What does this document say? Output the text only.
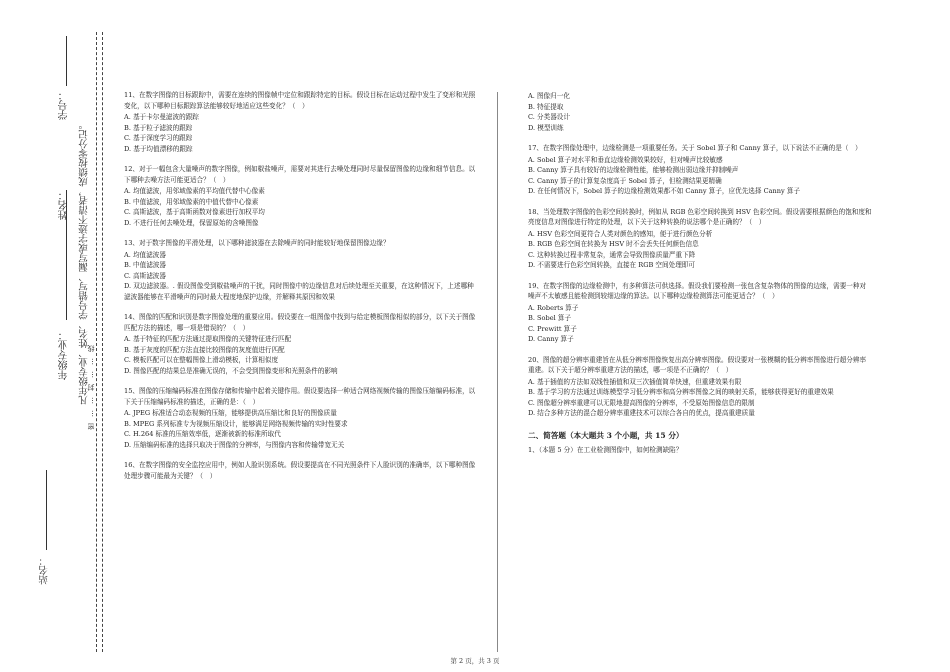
站名：
年级专业：
姓名：
学号：
凡年级专业、姓名、学号错写、漏写或字迹不清者，成绩按零分记。
密……封……线

11、在数字图像的目标跟踪中，需要在连续的图像帧中定位和跟踪特定的目标。假设目标在运动过程中发生了变形和光照变化，以下哪种目标跟踪算法能够较好地适应这些变化？（　）

A. 基于卡尔曼滤波的跟踪

B. 基于粒子滤波的跟踪

C. 基于深度学习的跟踪

D. 基于均值漂移的跟踪

12、对于一幅包含大量噪声的数字图像，例如椒盐噪声，需要对其进行去噪处理同时尽量保留图像的边缘和细节信息。以下哪种去噪方法可能更适合？（　）

A. 均值滤波，用邻域像素的平均值代替中心像素

B. 中值滤波，用邻域像素的中值代替中心像素

C. 高斯滤波，基于高斯函数对像素进行加权平均

D. 不进行任何去噪处理，保留原始的含噪图像

13、对于数字图像的平滑处理，以下哪种滤波器在去除噪声的同时能较好地保留图像边缘？

A. 均值滤波器

B. 中值滤波器

C. 高斯滤波器

D. 双边滤波器。. 假设图像受到椒盐噪声的干扰，同时图像中的边缘信息对后续处理至关重要，在这种情况下，上述哪种滤波器能够在平滑噪声的同时最大程度地保护边缘，并解释其原因和效果

14、图像的匹配和识别是数字图像处理的重要应用。假设要在一组图像中找到与给定模板图像相似的部分，以下关于图像匹配方法的描述，哪一项是错误的？（　）

A. 基于特征的匹配方法通过提取图像的关键特征进行匹配

B. 基于灰度的匹配方法直接比较图像的灰度值进行匹配

C. 模板匹配可以在整幅图像上滑动模板，计算相似度

D. 图像匹配的结果总是准确无误的，不会受到图像变形和光照条件的影响

15、图像的压缩编码标准在图像存储和传输中起着关键作用。假设要选择一种适合网络视频传输的图像压缩编码标准，以下关于压缩编码标准的描述，正确的是：（　）

A. JPEG 标准适合动态视频的压缩，能够提供高压缩比和良好的图像质量

B. MPEG 系列标准专为视频压缩设计，能够满足网络视频传输的实时性要求

C. H.264 标准的压缩效率低，逐渐被新的标准所取代

D. 压缩编码标准的选择只取决于图像的分辨率，与图像内容和传输带宽无关

16、在数字图像的安全监控应用中，例如人脸识别系统。假设要提高在不同光照条件下人脸识别的准确率，以下哪种图像处理步骤可能最为关键？（　）

A. 图像归一化

B. 特征提取

C. 分类器设计

D. 模型训练

17、在数字图像处理中，边缘检测是一项重要任务。关于 Sobel 算子和 Canny 算子，以下说法不正确的是（　）

A. Sobel 算子对水平和垂直边缘检测效果较好，但对噪声比较敏感

B. Canny 算子具有较好的边缘检测性能，能够检测出弱边缘并抑制噪声

C. Canny 算子的计算复杂度高于 Sobel 算子，但检测结果更精确

D. 在任何情况下，Sobel 算子的边缘检测效果都不如 Canny 算子，应优先选择 Canny 算子

18、当处理数字图像的色彩空间转换时，例如从 RGB 色彩空间转换到 HSV 色彩空间。假设需要根据颜色的饱和度和亮度信息对图像进行特定的处理，以下关于这种转换的说法哪个是正确的？（　）

A. HSV 色彩空间更符合人类对颜色的感知，便于进行颜色分析

B. RGB 色彩空间在转换为 HSV 时不会丢失任何颜色信息

C. 这种转换过程非常复杂，通常会导致图像质量严重下降

D. 不需要进行色彩空间转换，直接在 RGB 空间处理即可

19、在数字图像的边缘检测中，有多种算法可供选择。假设我们要检测一张包含复杂物体的图像的边缘，需要一种对噪声不太敏感且能检测到较细边缘的算法。以下哪种边缘检测算法可能更适合？（　）

A. Roberts 算子

B. Sobel 算子

C. Prewitt 算子

D. Canny 算子

20、图像的超分辨率重建旨在从低分辨率图像恢复出高分辨率图像。假设要对一张模糊的低分辨率图像进行超分辨率重建。以下关于超分辨率重建方法的描述，哪一项是不正确的？（　）

A. 基于插值的方法如双线性插值和双三次插值简单快速，但重建效果有限

B. 基于学习的方法通过训练模型学习低分辨率和高分辨率图像之间的映射关系，能够获得更好的重建效果

C. 图像超分辨率重建可以无限地提高图像的分辨率，不受原始图像信息的限制

D. 结合多种方法的混合超分辨率重建技术可以综合各自的优点，提高重建质量

二、简答题（本大题共 3 个小题，共 15 分）

1、（本题 5 分）在工业检测图像中，如何检测缺陷？

第 2 页，共 3 页
